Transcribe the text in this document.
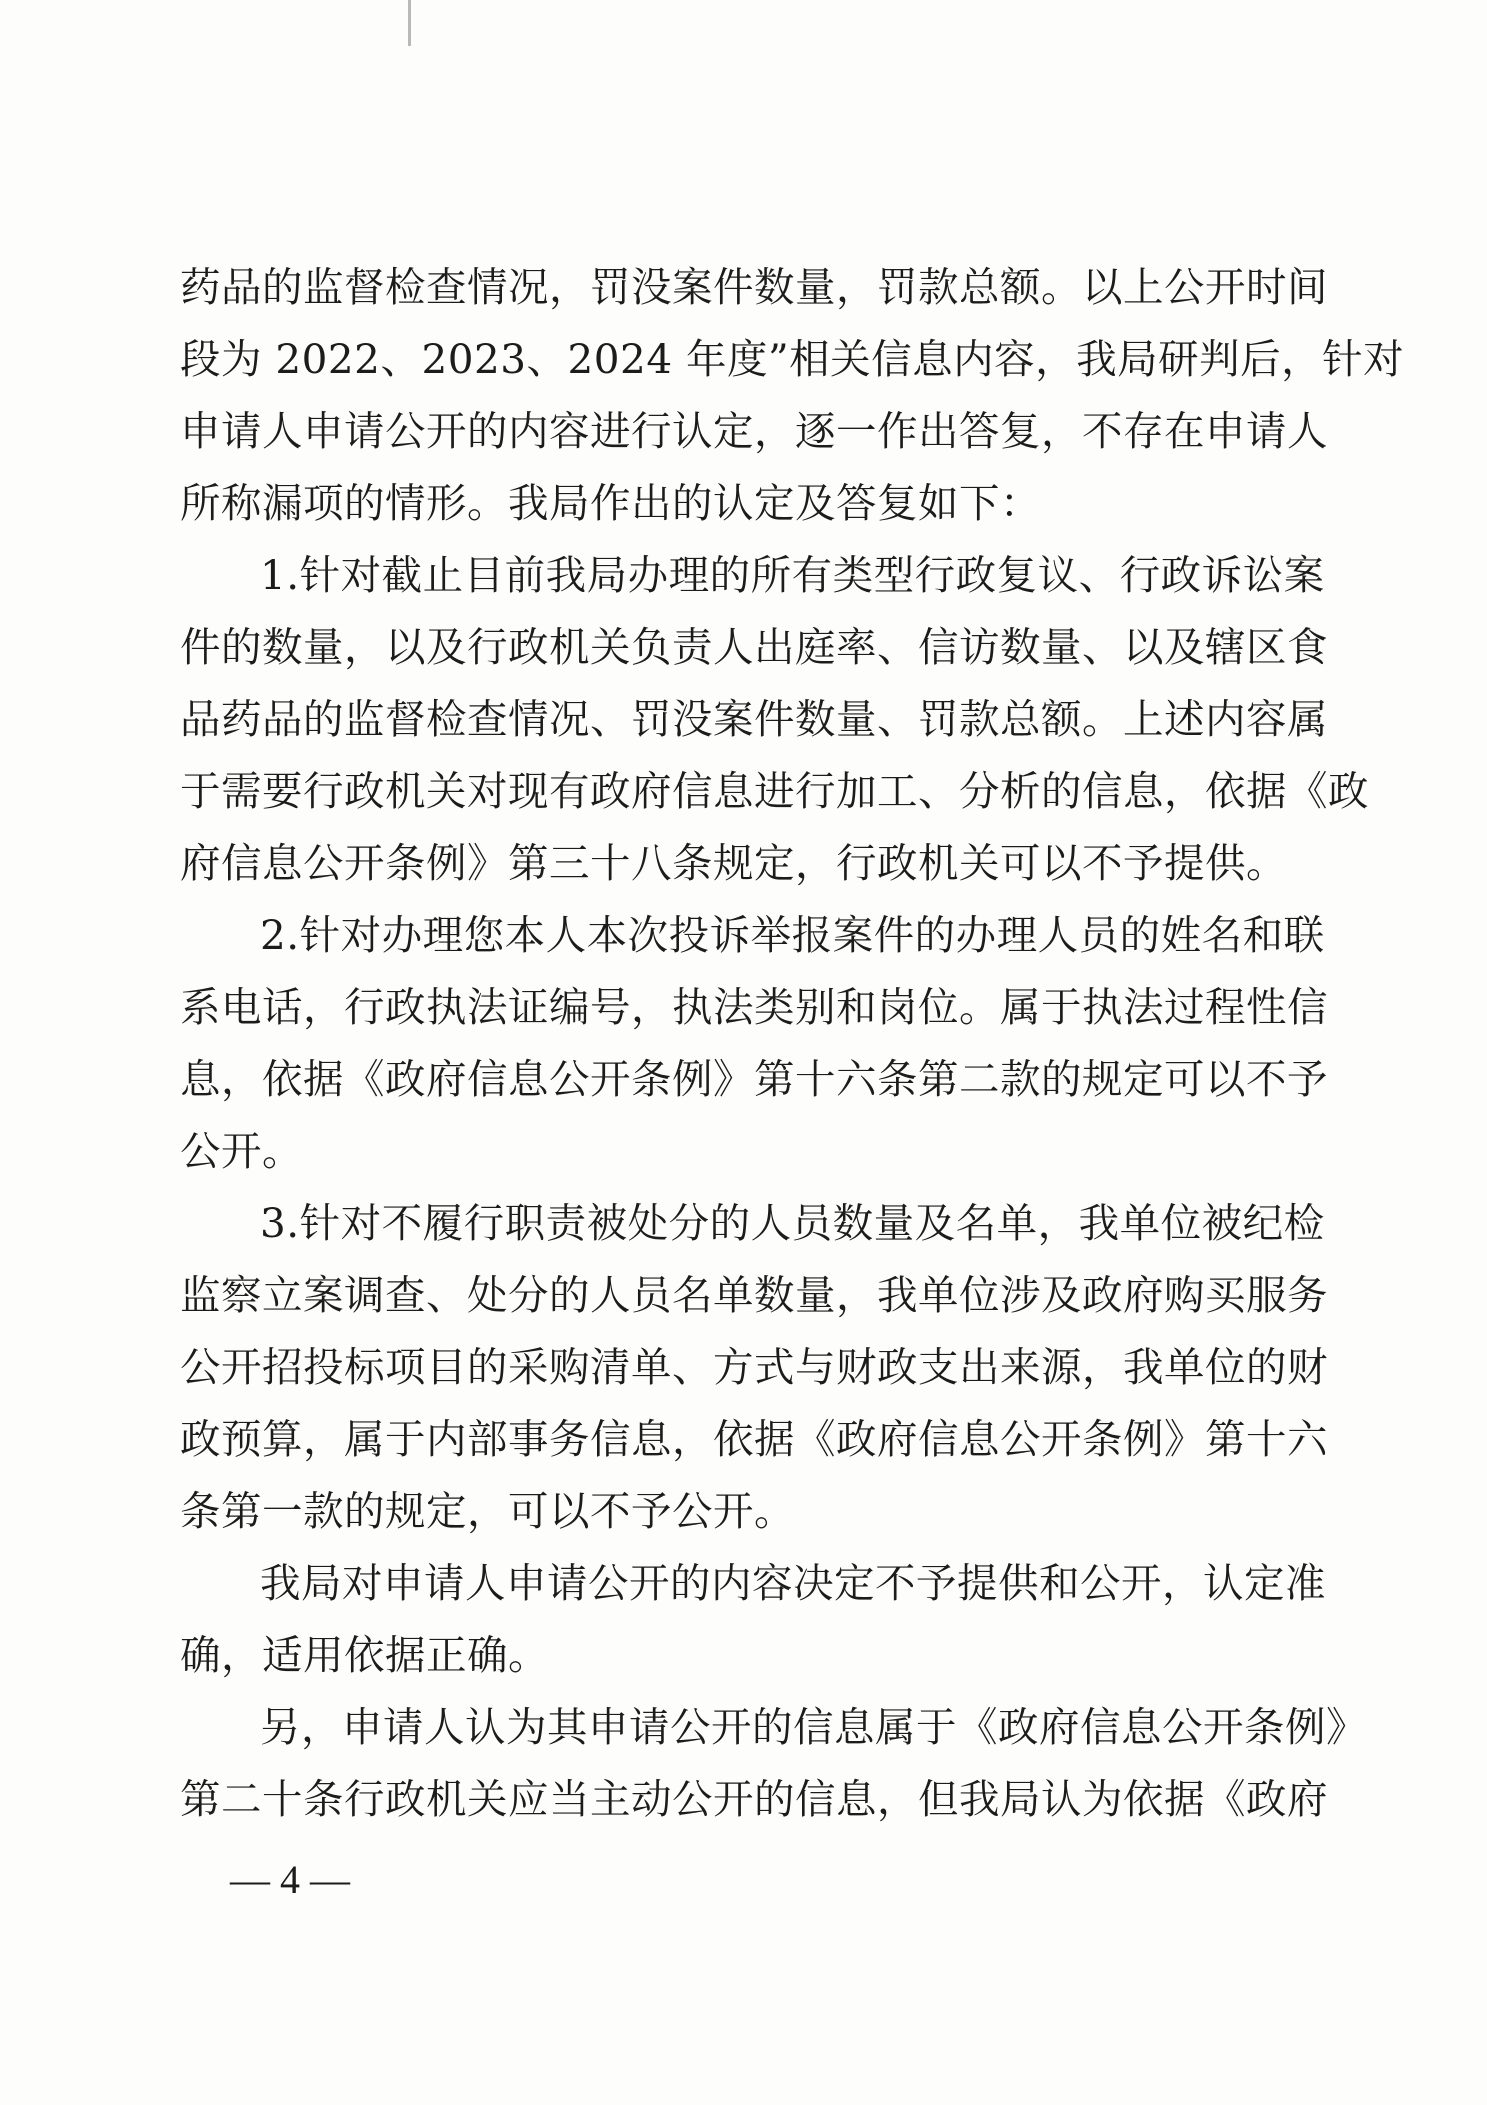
药品的监督检查情况，罚没案件数量，罚款总额。以上公开时间
段为 2022、2023、2024 年度”相关信息内容，我局研判后，针对
申请人申请公开的内容进行认定，逐一作出答复，不存在申请人
所称漏项的情形。我局作出的认定及答复如下：
1.针对截止目前我局办理的所有类型行政复议、行政诉讼案
件的数量，以及行政机关负责人出庭率、信访数量、以及辖区食
品药品的监督检查情况、罚没案件数量、罚款总额。上述内容属
于需要行政机关对现有政府信息进行加工、分析的信息，依据《政
府信息公开条例》第三十八条规定，行政机关可以不予提供。
2.针对办理您本人本次投诉举报案件的办理人员的姓名和联
系电话，行政执法证编号，执法类别和岗位。属于执法过程性信
息，依据《政府信息公开条例》第十六条第二款的规定可以不予
公开。
3.针对不履行职责被处分的人员数量及名单，我单位被纪检
监察立案调查、处分的人员名单数量，我单位涉及政府购买服务
公开招投标项目的采购清单、方式与财政支出来源，我单位的财
政预算，属于内部事务信息，依据《政府信息公开条例》第十六
条第一款的规定，可以不予公开。
我局对申请人申请公开的内容决定不予提供和公开，认定准
确，适用依据正确。
另，申请人认为其申请公开的信息属于《政府信息公开条例》
第二十条行政机关应当主动公开的信息，但我局认为依据《政府
— 4 —
